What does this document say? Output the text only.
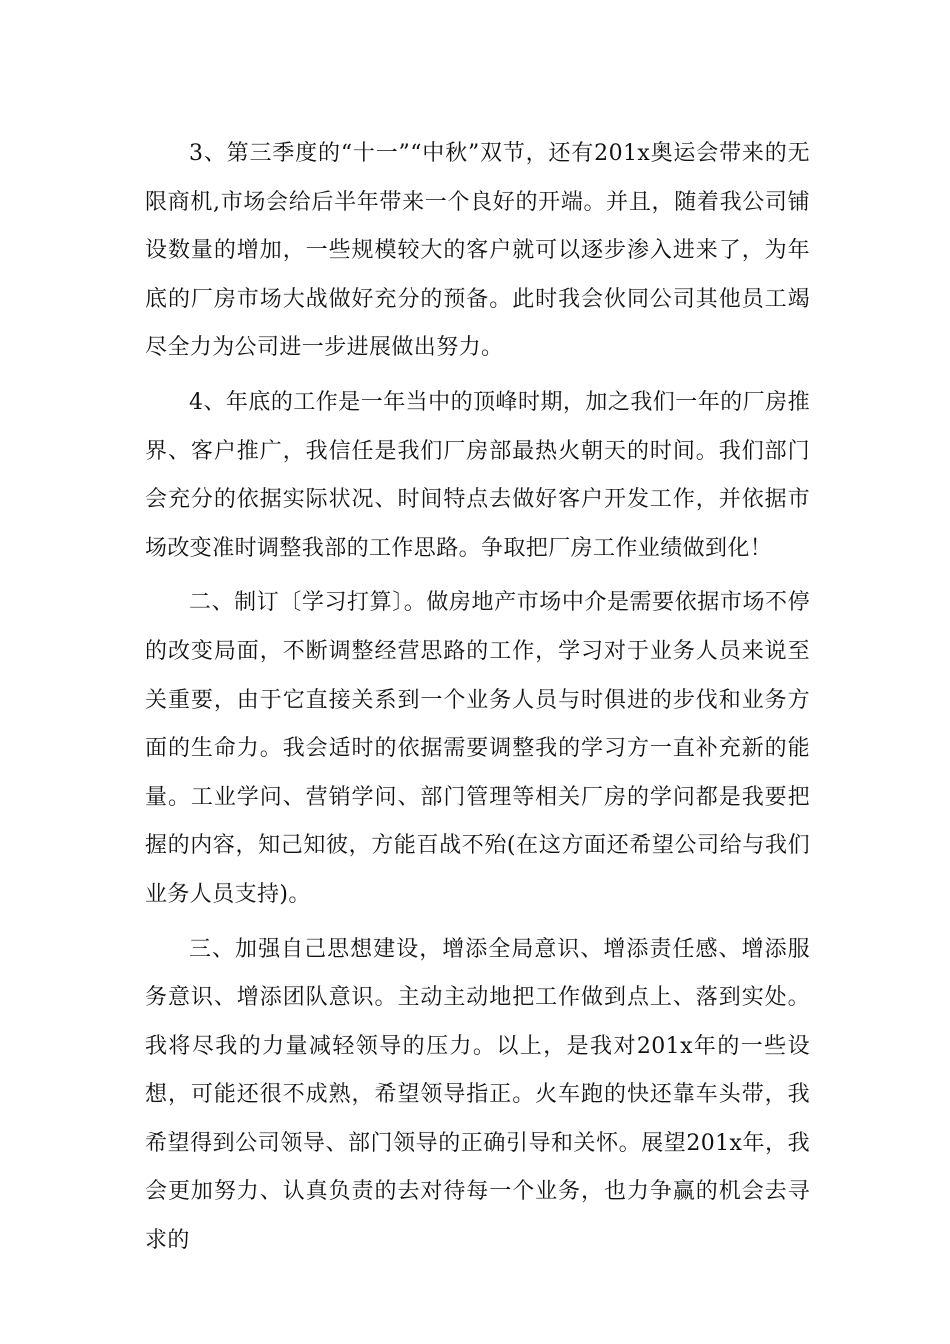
3、第三季度的“十一”“中秋”双节，还有201x奥运会带来的无限商机,市场会给后半年带来一个良好的开端。并且，随着我公司铺设数量的增加，一些规模较大的客户就可以逐步渗入进来了，为年底的厂房市场大战做好充分的预备。此时我会伙同公司其他员工竭尽全力为公司进一步进展做出努力。

4、年底的工作是一年当中的顶峰时期，加之我们一年的厂房推界、客户推广，我信任是我们厂房部最热火朝天的时间。我们部门会充分的依据实际状况、时间特点去做好客户开发工作，并依据市场改变准时调整我部的工作思路。争取把厂房工作业绩做到化！

二、制订〔学习打算〕。做房地产市场中介是需要依据市场不停的改变局面，不断调整经营思路的工作，学习对于业务人员来说至关重要，由于它直接关系到一个业务人员与时俱进的步伐和业务方面的生命力。我会适时的依据需要调整我的学习方一直补充新的能量。工业学问、营销学问、部门管理等相关厂房的学问都是我要把握的内容，知己知彼，方能百战不殆(在这方面还希望公司给与我们业务人员支持)。

三、加强自己思想建设，增添全局意识、增添责任感、增添服务意识、增添团队意识。主动主动地把工作做到点上、落到实处。我将尽我的力量减轻领导的压力。以上，是我对201x年的一些设想，可能还很不成熟，希望领导指正。火车跑的快还靠车头带，我希望得到公司领导、部门领导的正确引导和关怀。展望201x年，我会更加努力、认真负责的去对待每一个业务，也力争赢的机会去寻求的
